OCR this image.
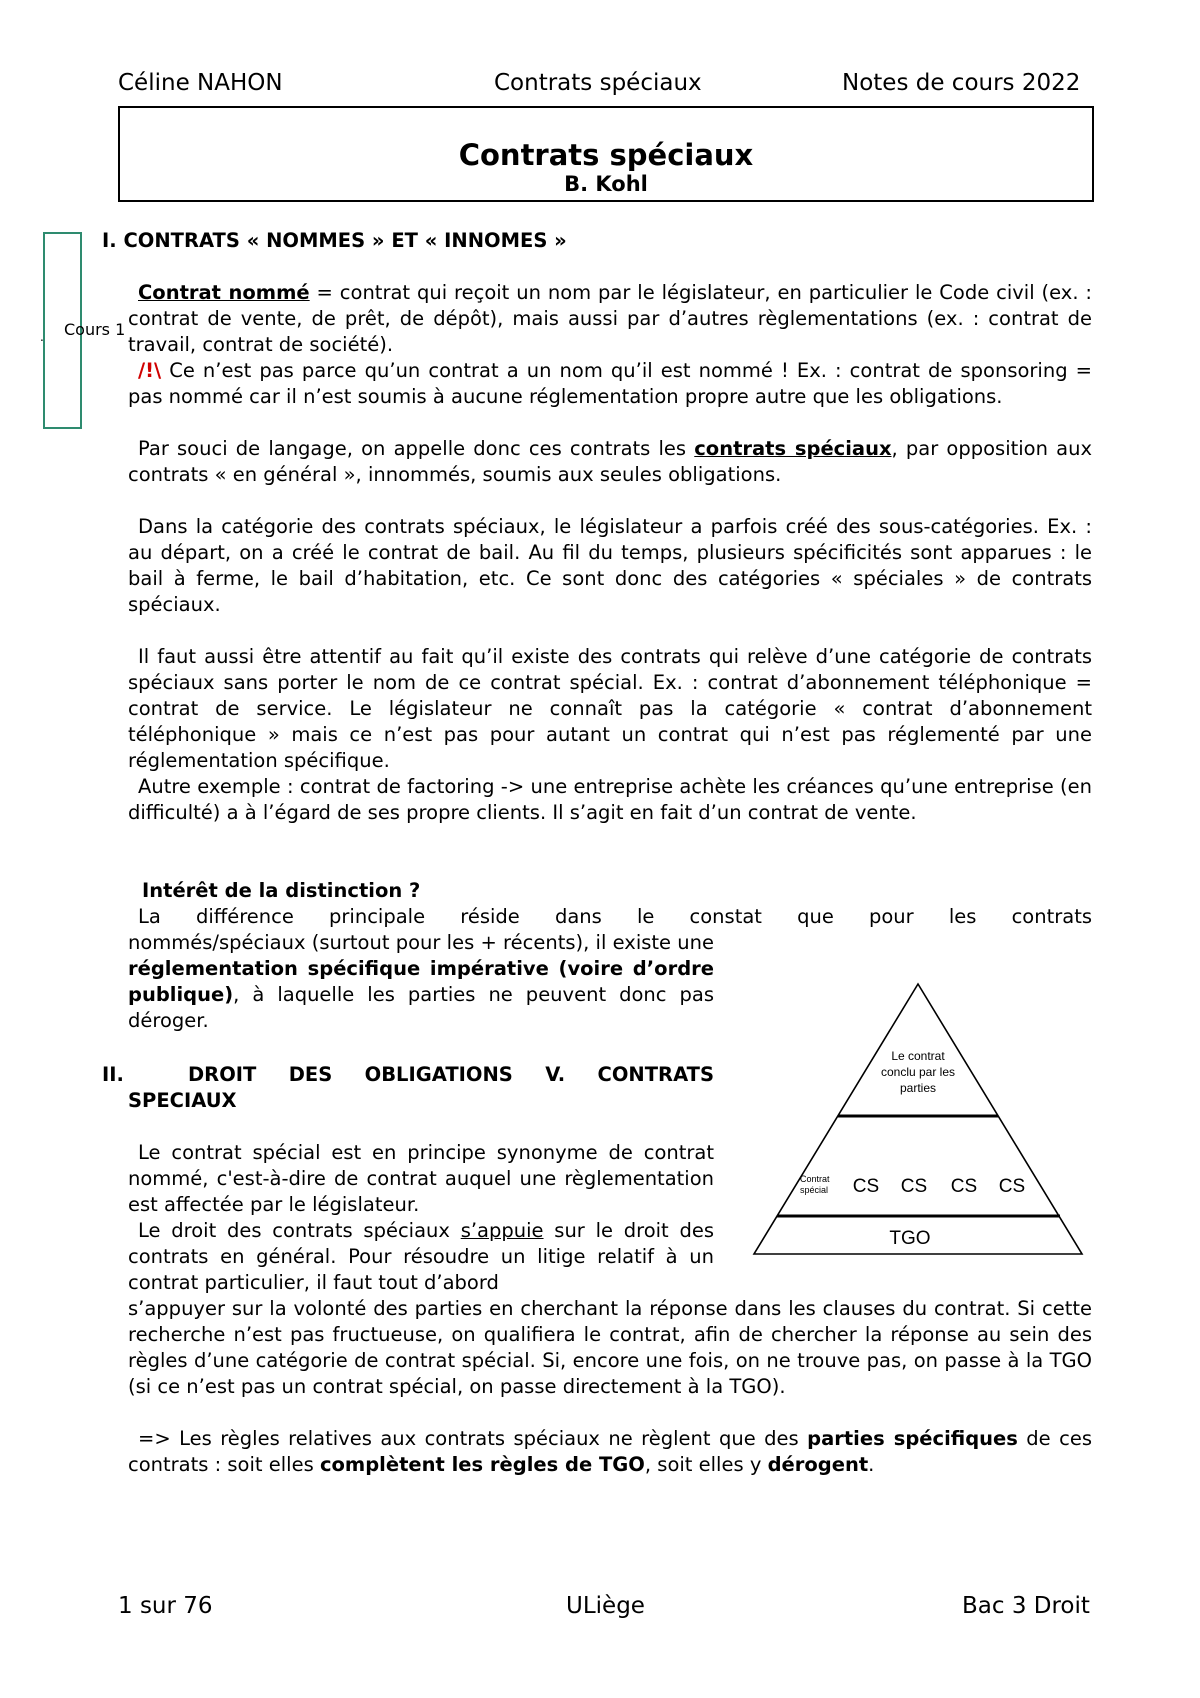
Céline NAHON	Contrats spéciaux	Notes de cours 2022
Contrats spéciaux
B. Kohl
. Cours 1
I. CONTRATS « NOMMES » ET « INNOMES »
Contrat nommé = contrat qui reçoit un nom par le législateur, en particulier le Code civil (ex. : contrat de vente, de prêt, de dépôt), mais aussi par d’autres règlementations (ex. : contrat de travail, contrat de société).
/!\ Ce n’est pas parce qu’un contrat a un nom qu’il est nommé ! Ex. : contrat de sponsoring = pas nommé car il n’est soumis à aucune réglementation propre autre que les obligations.
Par souci de langage, on appelle donc ces contrats les contrats spéciaux, par opposition aux contrats « en général », innommés, soumis aux seules obligations.
Dans la catégorie des contrats spéciaux, le législateur a parfois créé des sous-catégories. Ex. : au départ, on a créé le contrat de bail. Au fil du temps, plusieurs spécificités sont apparues : le bail à ferme, le bail d’habitation, etc. Ce sont donc des catégories « spéciales » de contrats spéciaux.
Il faut aussi être attentif au fait qu’il existe des contrats qui relève d’une catégorie de contrats spéciaux sans porter le nom de ce contrat spécial. Ex. : contrat d’abonnement téléphonique = contrat de service. Le législateur ne connaît pas la catégorie « contrat d’abonnement téléphonique » mais ce n’est pas pour autant un contrat qui n’est pas réglementé par une réglementation spécifique.
Autre exemple : contrat de factoring -> une entreprise achète les créances qu’une entreprise (en difficulté) a à l’égard de ses propre clients. Il s’agit en fait d’un contrat de vente.
Intérêt de la distinction ?
La différence principale réside dans le constat que pour les contrats
nommés/spéciaux (surtout pour les + récents), il existe une réglementation spécifique impérative (voire d’ordre publique), à laquelle les parties ne peuvent donc pas déroger.
II.	DROIT DES OBLIGATIONS V. CONTRATS SPECIAUX
Le contrat spécial est en principe synonyme de contrat nommé, c'est-à-dire de contrat auquel une règlementation est affectée par le législateur.
Le droit des contrats spéciaux s’appuie sur le droit des contrats en général. Pour résoudre un litige relatif à un contrat particulier, il faut tout d’abord
s’appuyer sur la volonté des parties en cherchant la réponse dans les clauses du contrat. Si cette recherche n’est pas fructueuse, on qualifiera le contrat, afin de chercher la réponse au sein des règles d’une catégorie de contrat spécial. Si, encore une fois, on ne trouve pas, on passe à la TGO (si ce n’est pas un contrat spécial, on passe directement à la TGO).
=> Les règles relatives aux contrats spéciaux ne règlent que des parties spécifiques de ces contrats : soit elles complètent les règles de TGO, soit elles y dérogent.
Le contrat
conclu par les
parties
Contrat
spécial CS CS CS CS
TGO
1 sur 76	ULiège	Bac 3 Droit
